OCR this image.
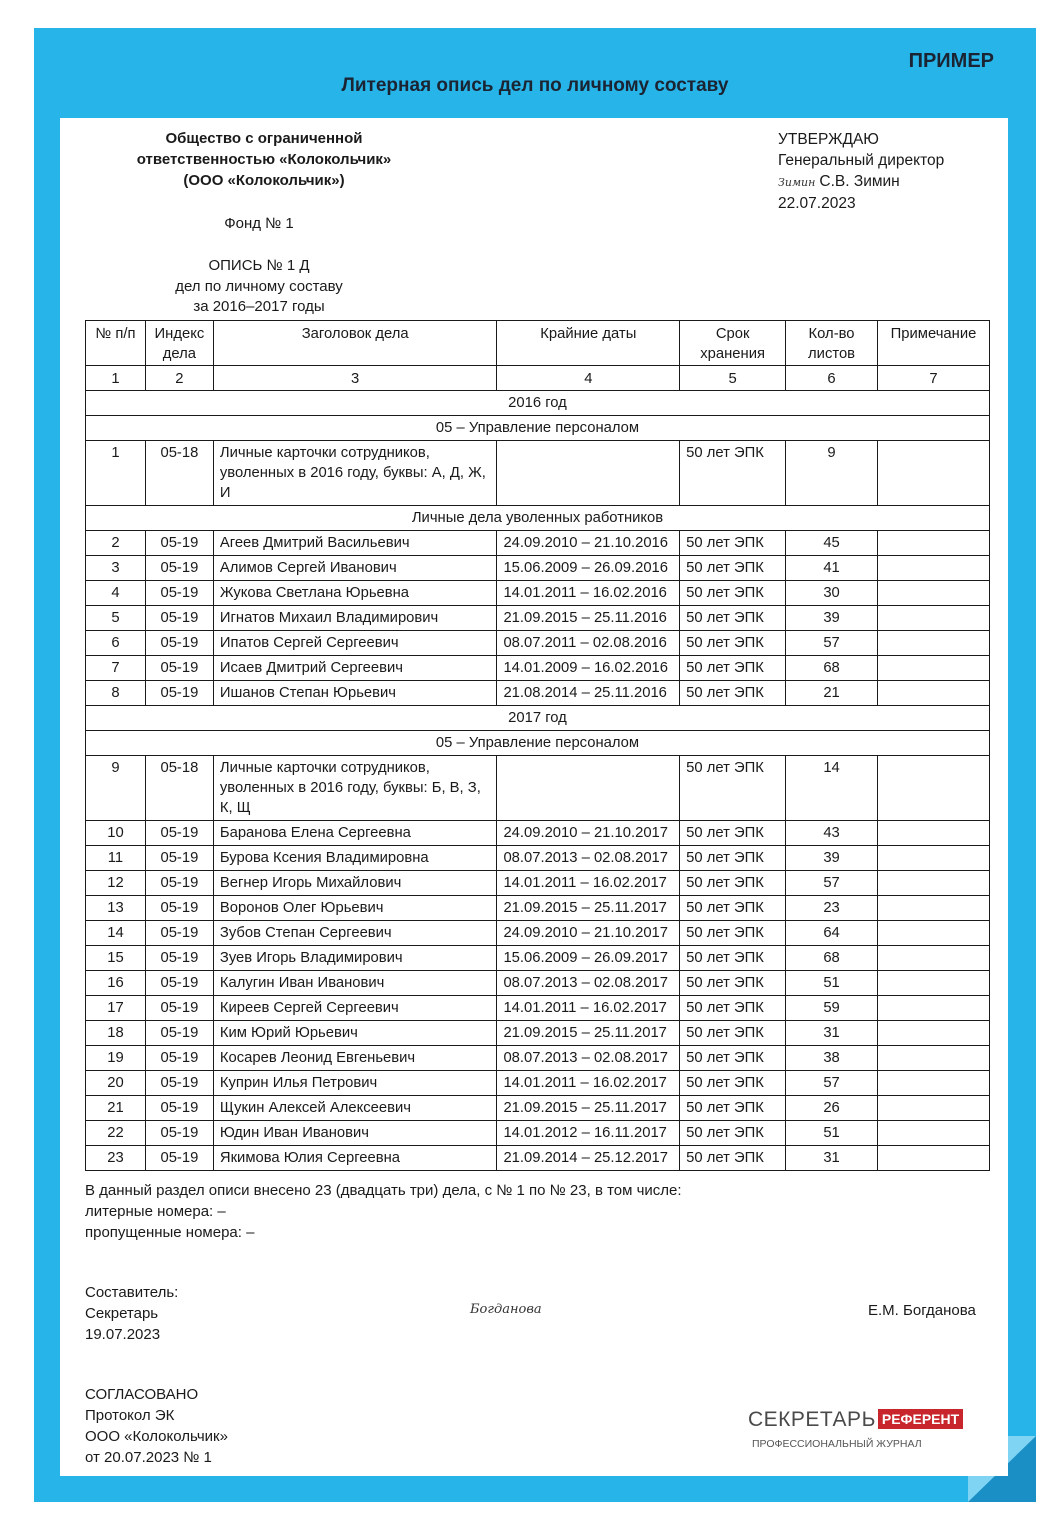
ПРИМЕР
Литерная опись дел по личному составу
Общество с ограниченной
ответственностью «Колокольчик»
(ООО «Колокольчик»)
УТВЕРЖДАЮ
Генеральный директор
Зимин С.В. Зимин
22.07.2023
Фонд № 1
ОПИСЬ № 1 Д
дел по личному составу
за 2016–2017 годы
№ п/п	Индекс дела	Заголовок дела	Крайние даты	Срок хранения	Кол-во листов	Примечание
1	2	3	4	5	6	7
2016 год						
05 – Управление персоналом						
1	05-18	Личные карточки сотрудников, уволенных в 2016 году, буквы: А, Д, Ж, И		50 лет ЭПК	9	
Личные дела уволенных работников						
2	05-19	Агеев Дмитрий Васильевич	24.09.2010 – 21.10.2016	50 лет ЭПК	45	
3	05-19	Алимов Сергей Иванович	15.06.2009 – 26.09.2016	50 лет ЭПК	41	
4	05-19	Жукова Светлана Юрьевна	14.01.2011 – 16.02.2016	50 лет ЭПК	30	
5	05-19	Игнатов Михаил Владимирович	21.09.2015 – 25.11.2016	50 лет ЭПК	39	
6	05-19	Ипатов Сергей Сергеевич	08.07.2011 – 02.08.2016	50 лет ЭПК	57	
7	05-19	Исаев Дмитрий Сергеевич	14.01.2009 – 16.02.2016	50 лет ЭПК	68	
8	05-19	Ишанов Степан Юрьевич	21.08.2014 – 25.11.2016	50 лет ЭПК	21	
2017 год						
05 – Управление персоналом						
9	05-18	Личные карточки сотрудников, уволенных в 2016 году, буквы: Б, В, З, К, Щ		50 лет ЭПК	14	
10	05-19	Баранова Елена Сергеевна	24.09.2010 – 21.10.2017	50 лет ЭПК	43	
11	05-19	Бурова Ксения Владимировна	08.07.2013 – 02.08.2017	50 лет ЭПК	39	
12	05-19	Вегнер Игорь Михайлович	14.01.2011 – 16.02.2017	50 лет ЭПК	57	
13	05-19	Воронов Олег Юрьевич	21.09.2015 – 25.11.2017	50 лет ЭПК	23	
14	05-19	Зубов Степан Сергеевич	24.09.2010 – 21.10.2017	50 лет ЭПК	64	
15	05-19	Зуев Игорь Владимирович	15.06.2009 – 26.09.2017	50 лет ЭПК	68	
16	05-19	Калугин Иван Иванович	08.07.2013 – 02.08.2017	50 лет ЭПК	51	
17	05-19	Киреев Сергей Сергеевич	14.01.2011 – 16.02.2017	50 лет ЭПК	59	
18	05-19	Ким Юрий Юрьевич	21.09.2015 – 25.11.2017	50 лет ЭПК	31	
19	05-19	Косарев Леонид Евгеньевич	08.07.2013 – 02.08.2017	50 лет ЭПК	38	
20	05-19	Куприн Илья Петрович	14.01.2011 – 16.02.2017	50 лет ЭПК	57	
21	05-19	Щукин Алексей Алексеевич	21.09.2015 – 25.11.2017	50 лет ЭПК	26	
22	05-19	Юдин Иван Иванович	14.01.2012 – 16.11.2017	50 лет ЭПК	51	
23	05-19	Якимова Юлия Сергеевна	21.09.2014 – 25.12.2017	50 лет ЭПК	31	
В данный раздел описи внесено 23 (двадцать три) дела, с № 1 по № 23, в том числе:
литерные номера: –
пропущенные номера: –
Составитель:
Секретарь
19.07.2023
Богданова	Е.М. Богданова
СОГЛАСОВАНО
Протокол ЭК
ООО «Колокольчик»
от 20.07.2023 № 1
СЕКРЕТАРЬ РЕФЕРЕНТ
ПРОФЕССИОНАЛЬНЫЙ ЖУРНАЛ
